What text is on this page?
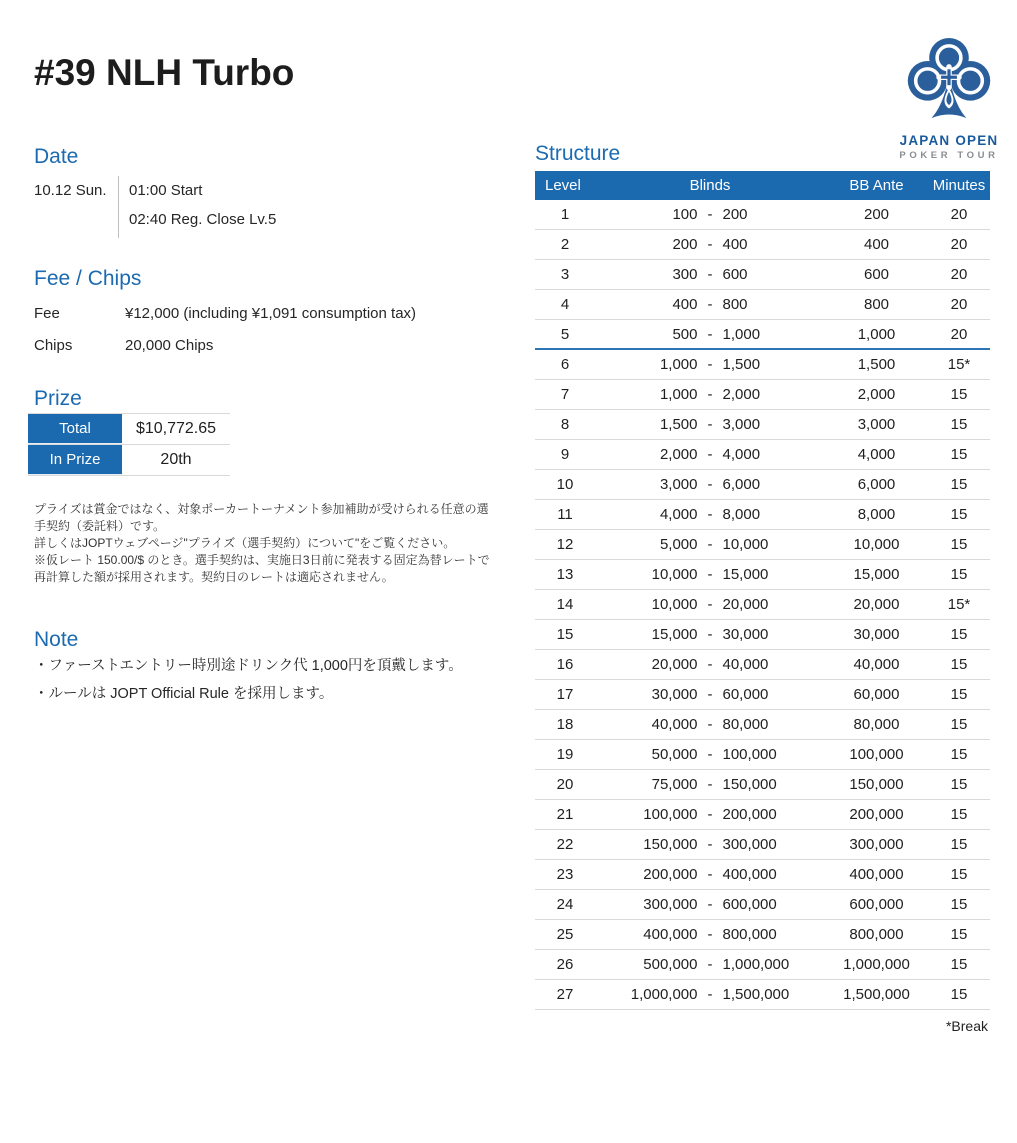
#39 NLH Turbo
JAPAN OPEN
POKER TOUR
Date
10.12 Sun.	01:00 Start
02:40 Reg. Close Lv.5
Fee / Chips
Fee	¥12,000 (including ¥1,091 consumption tax)
Chips	20,000 Chips
Prize
Total	$10,772.65
In Prize	20th

プライズは賞金ではなく、対象ポーカートーナメント参加補助が受けられる任意の選手契約（委託料）です。

詳しくはJOPTウェブページ"プライズ（選手契約）について"をご覧ください。

※仮レート 150.00/$ のとき。選手契約は、実施日3日前に発表する固定為替レートで再計算した額が採用されます。契約日のレートは適応されません。

Note
・ファーストエントリー時別途ドリンク代 1,000円を頂戴します。
・ルールは JOPT Official Rule を採用します。
Structure
Level	Blinds	BB Ante	Minutes
1	100 - 200	200	20
2	200 - 400	400	20
3	300 - 600	600	20
4	400 - 800	800	20
5	500 - 1,000	1,000	20
6	1,000 - 1,500	1,500	15*
7	1,000 - 2,000	2,000	15
8	1,500 - 3,000	3,000	15
9	2,000 - 4,000	4,000	15
10	3,000 - 6,000	6,000	15
11	4,000 - 8,000	8,000	15
12	5,000 - 10,000	10,000	15
13	10,000 - 15,000	15,000	15
14	10,000 - 20,000	20,000	15*
15	15,000 - 30,000	30,000	15
16	20,000 - 40,000	40,000	15
17	30,000 - 60,000	60,000	15
18	40,000 - 80,000	80,000	15
19	50,000 - 100,000	100,000	15
20	75,000 - 150,000	150,000	15
21	100,000 - 200,000	200,000	15
22	150,000 - 300,000	300,000	15
23	200,000 - 400,000	400,000	15
24	300,000 - 600,000	600,000	15
25	400,000 - 800,000	800,000	15
26	500,000 - 1,000,000	1,000,000	15
27	1,000,000 - 1,500,000	1,500,000	15
*Break
